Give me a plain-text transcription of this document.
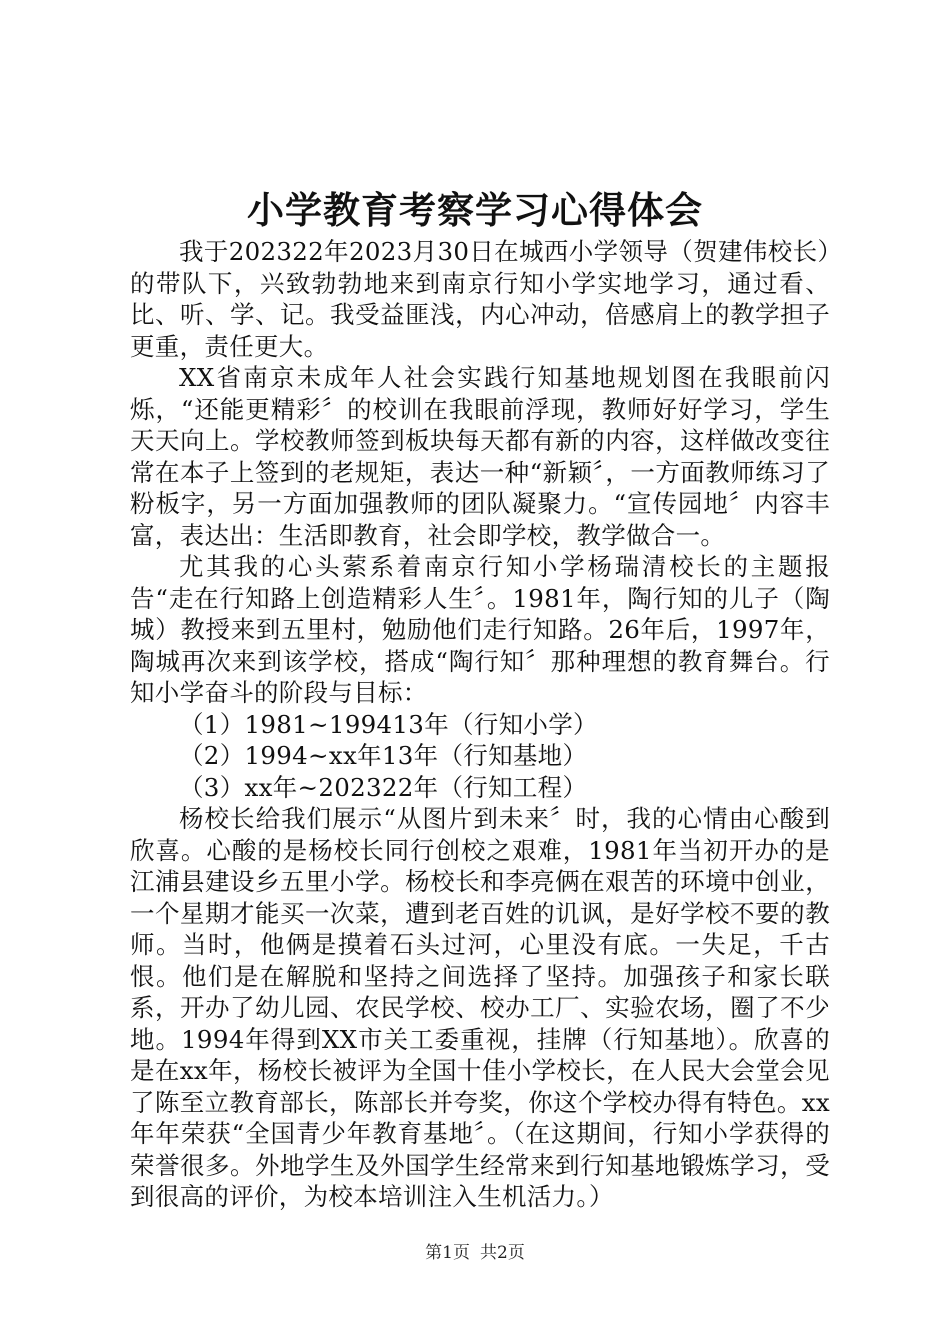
小学教育考察学习心得体会

我于202322年2023月30日在城西小学领导（贺建伟校长）的带队下，兴致勃勃地来到南京行知小学实地学习，通过看、比、听、学、记。我受益匪浅，内心冲动，倍感肩上的教学担子更重，责任更大。

XX省南京未成年人社会实践行知基地规划图在我眼前闪烁，“还能更精彩〞的校训在我眼前浮现，教师好好学习，学生天天向上。学校教师签到板块每天都有新的内容，这样做改变往常在本子上签到的老规矩，表达一种“新颖〞，一方面教师练习了粉板字，另一方面加强教师的团队凝聚力。“宣传园地〞内容丰富，表达出：生活即教育，社会即学校，教学做合一。

尤其我的心头萦系着南京行知小学杨瑞清校长的主题报告“走在行知路上创造精彩人生〞。1981年，陶行知的儿子（陶城）教授来到五里村，勉励他们走行知路。26年后，1997年，陶城再次来到该学校，搭成“陶行知〞那种理想的教育舞台。行知小学奋斗的阶段与目标：

（1）1981~199413年（行知小学）

（2）1994~xx年13年（行知基地）

（3）xx年~202322年（行知工程）

杨校长给我们展示“从图片到未来〞时，我的心情由心酸到欣喜。心酸的是杨校长同行创校之艰难，1981年当初开办的是江浦县建设乡五里小学。杨校长和李亮俩在艰苦的环境中创业，一个星期才能买一次菜，遭到老百姓的讥讽，是好学校不要的教师。当时，他俩是摸着石头过河，心里没有底。一失足，千古恨。他们是在解脱和坚持之间选择了坚持。加强孩子和家长联系，开办了幼儿园、农民学校、校办工厂、实验农场，圈了不少地。1994年得到XX市关工委重视，挂牌（行知基地）。欣喜的是在xx年，杨校长被评为全国十佳小学校长，在人民大会堂会见了陈至立教育部长，陈部长并夸奖，你这个学校办得有特色。xx年年荣获“全国青少年教育基地〞。（在这期间，行知小学获得的荣誉很多。外地学生及外国学生经常来到行知基地锻炼学习，受到很高的评价，为校本培训注入生机活力。）

第1页 共2页
